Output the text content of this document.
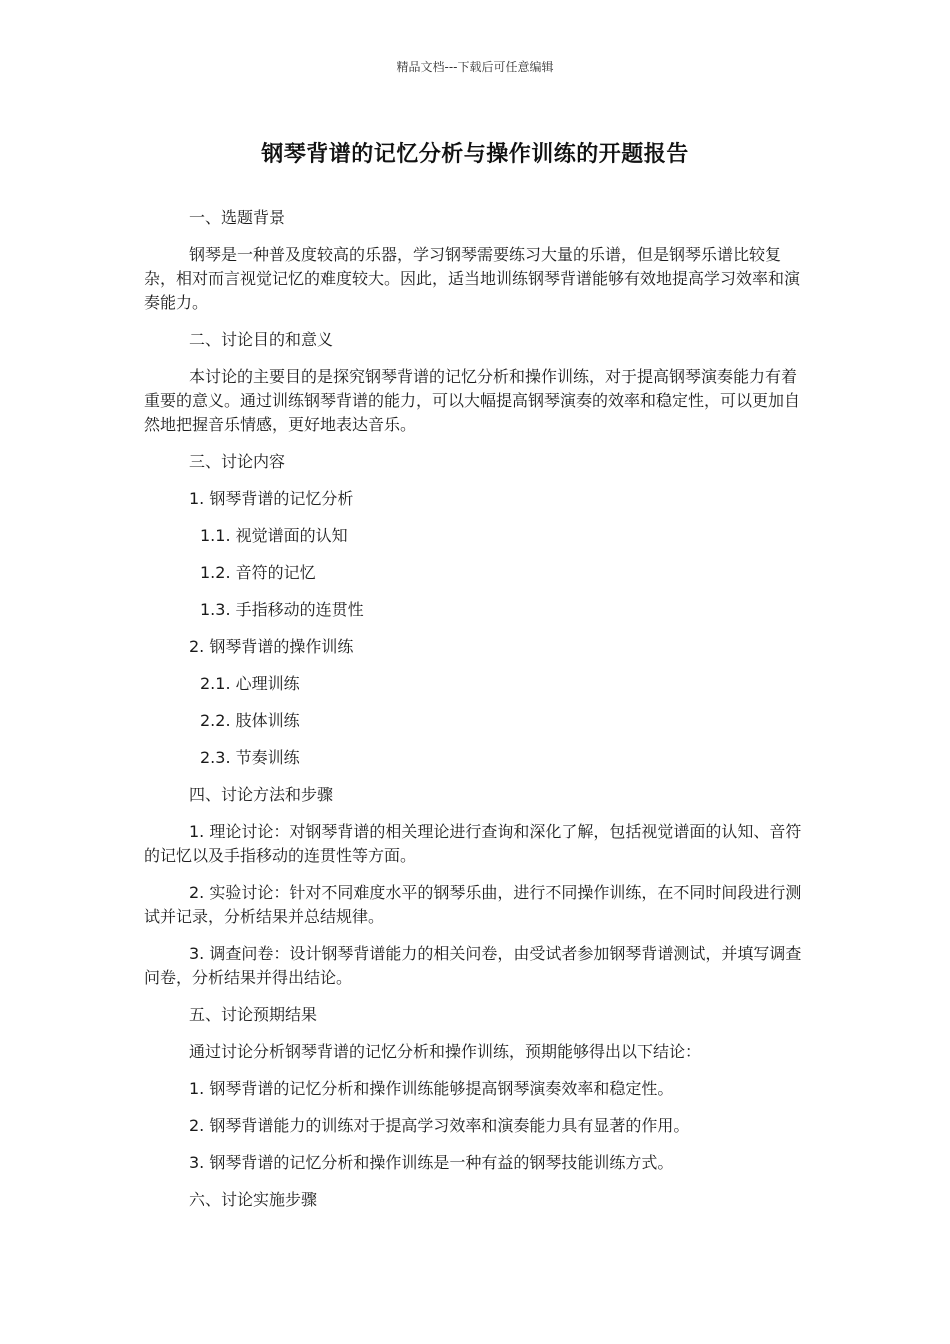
精品文档---下载后可任意编辑
钢琴背谱的记忆分析与操作训练的开题报告

一、选题背景

钢琴是一种普及度较高的乐器，学习钢琴需要练习大量的乐谱，但是钢琴乐谱比较复杂，相对而言视觉记忆的难度较大。因此，适当地训练钢琴背谱能够有效地提高学习效率和演奏能力。

二、讨论目的和意义

本讨论的主要目的是探究钢琴背谱的记忆分析和操作训练，对于提高钢琴演奏能力有着重要的意义。通过训练钢琴背谱的能力，可以大幅提高钢琴演奏的效率和稳定性，可以更加自然地把握音乐情感，更好地表达音乐。

三、讨论内容

1. 钢琴背谱的记忆分析

1.1. 视觉谱面的认知

1.2. 音符的记忆

1.3. 手指移动的连贯性

2. 钢琴背谱的操作训练

2.1. 心理训练

2.2. 肢体训练

2.3. 节奏训练

四、讨论方法和步骤

1. 理论讨论：对钢琴背谱的相关理论进行查询和深化了解，包括视觉谱面的认知、音符的记忆以及手指移动的连贯性等方面。

2. 实验讨论：针对不同难度水平的钢琴乐曲，进行不同操作训练，在不同时间段进行测试并记录，分析结果并总结规律。

3. 调查问卷：设计钢琴背谱能力的相关问卷，由受试者参加钢琴背谱测试，并填写调查问卷，分析结果并得出结论。

五、讨论预期结果

通过讨论分析钢琴背谱的记忆分析和操作训练，预期能够得出以下结论：

1. 钢琴背谱的记忆分析和操作训练能够提高钢琴演奏效率和稳定性。

2. 钢琴背谱能力的训练对于提高学习效率和演奏能力具有显著的作用。

3. 钢琴背谱的记忆分析和操作训练是一种有益的钢琴技能训练方式。

六、讨论实施步骤
